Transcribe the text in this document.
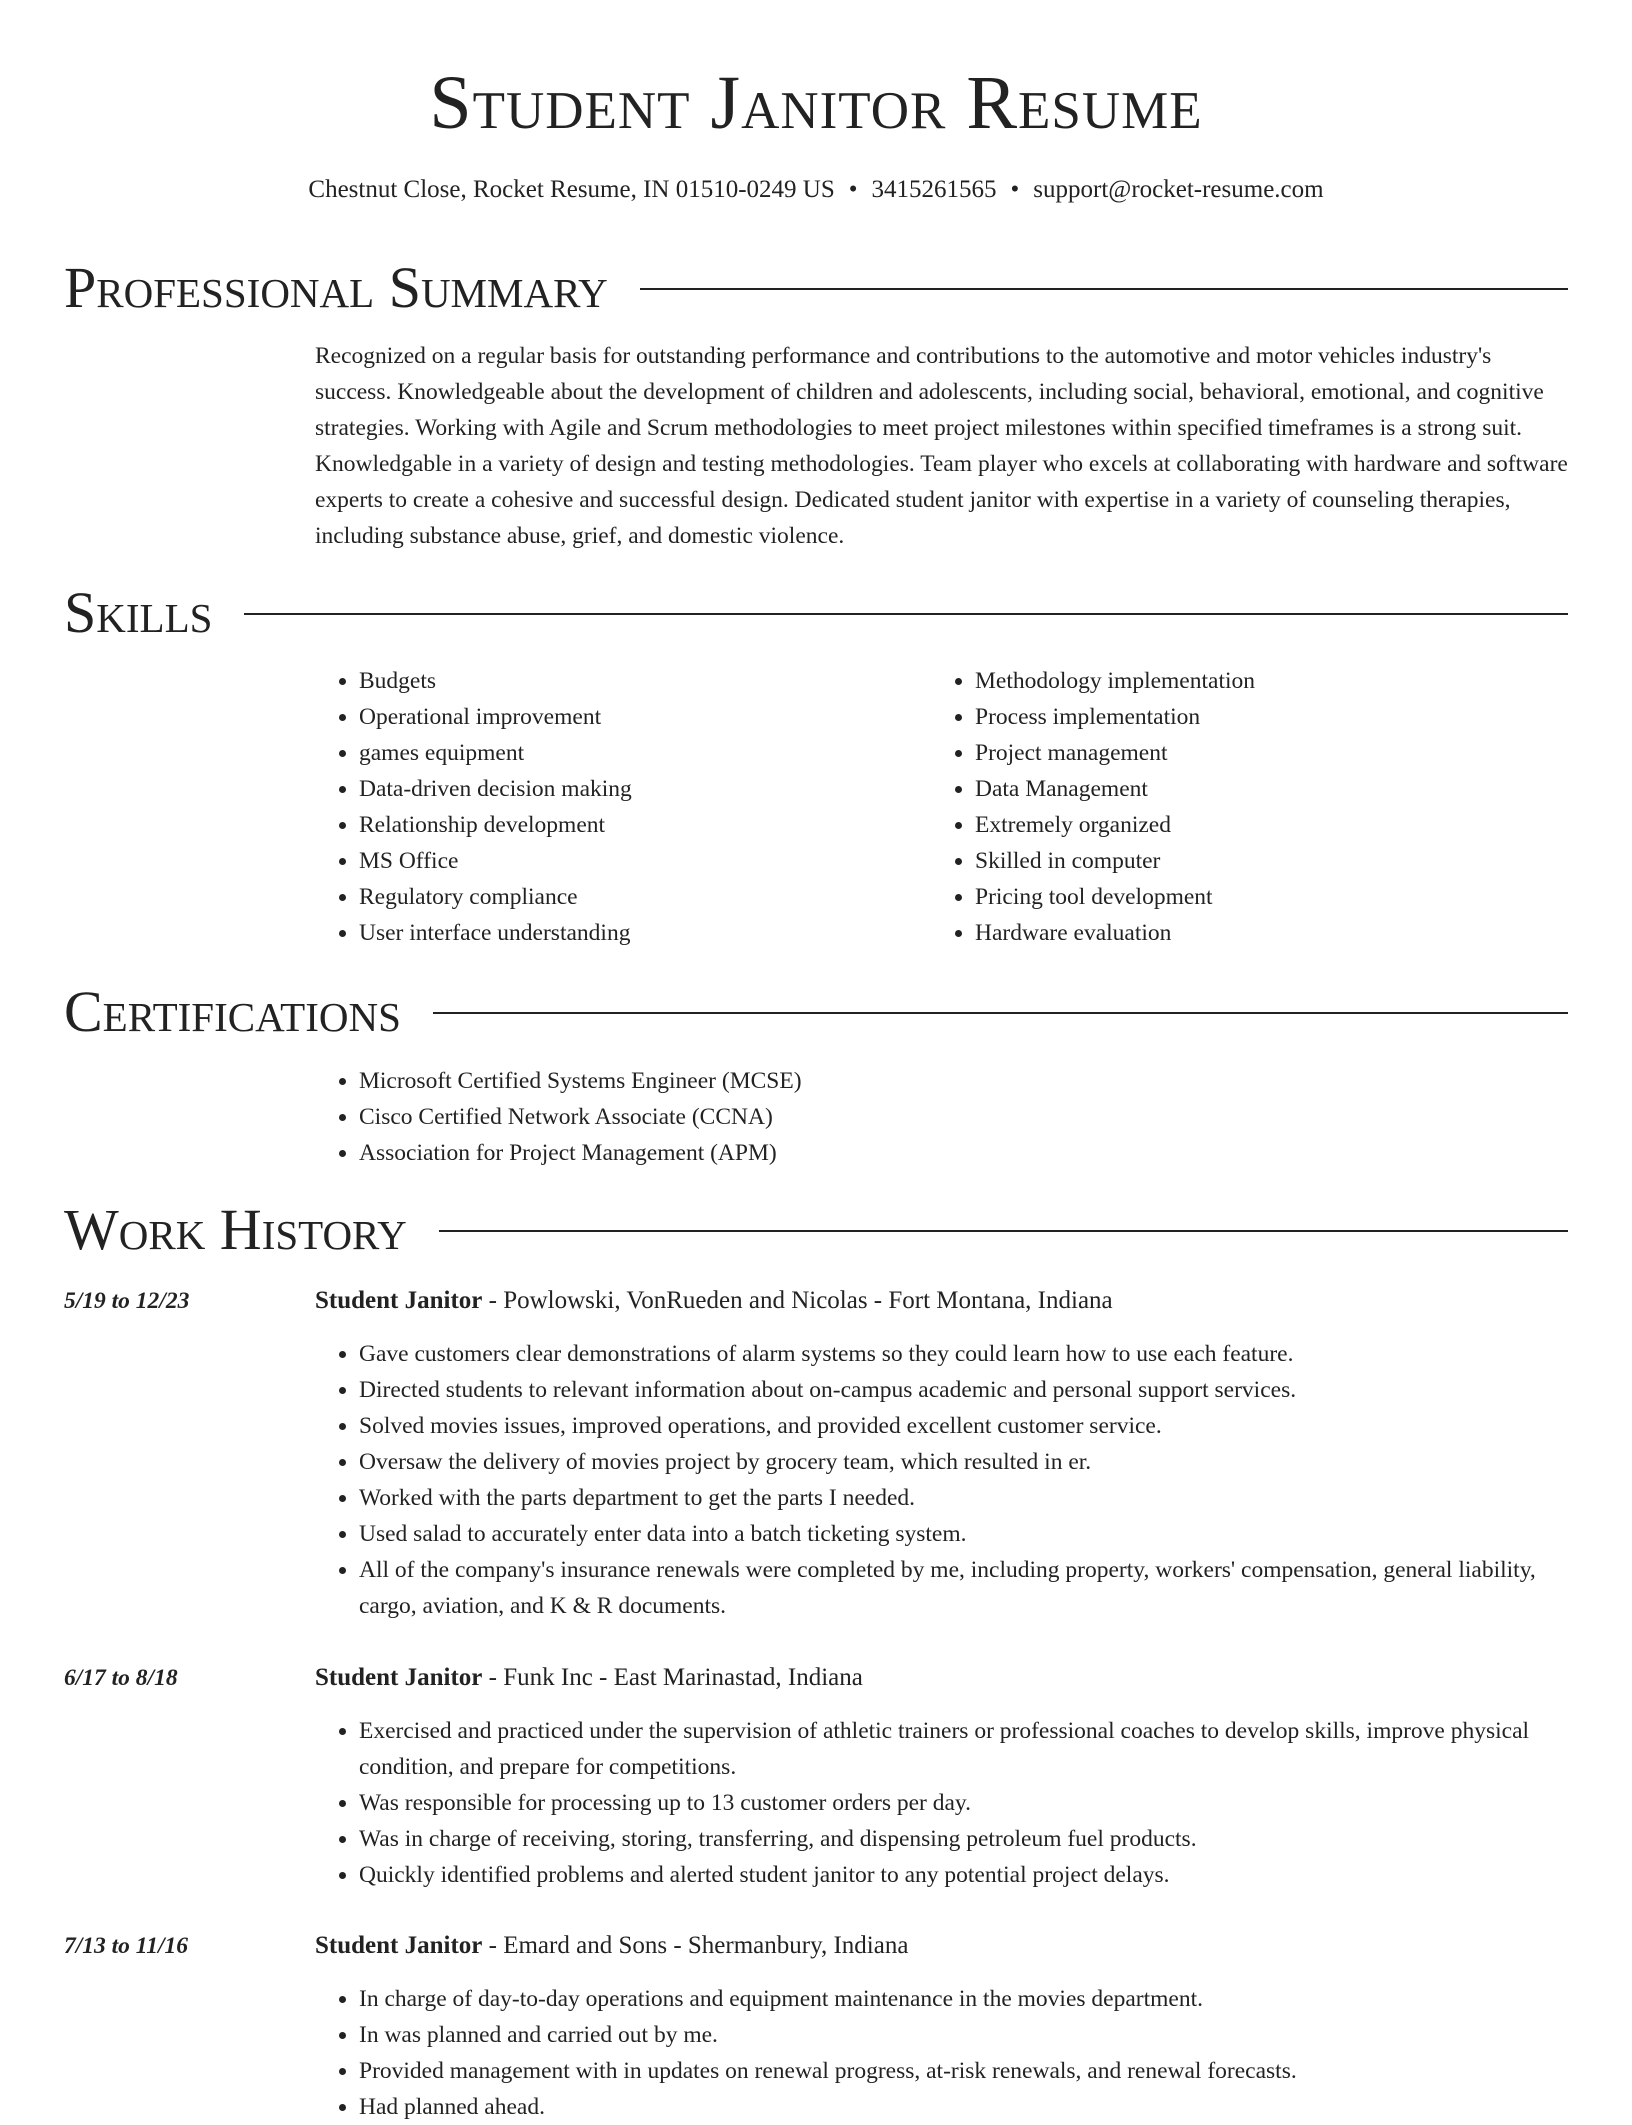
Student Janitor Resume
Chestnut Close, Rocket Resume, IN 01510-0249 US • 3415261565 • support@rocket-resume.com
Professional Summary

Recognized on a regular basis for outstanding performance and contributions to the automotive and motor vehicles industry's success. Knowledgeable about the development of children and adolescents, including social, behavioral, emotional, and cognitive strategies. Working with Agile and Scrum methodologies to meet project milestones within specified timeframes is a strong suit. Knowledgable in a variety of design and testing methodologies. Team player who excels at collaborating with hardware and software experts to create a cohesive and successful design. Dedicated student janitor with expertise in a variety of counseling therapies, including substance abuse, grief, and domestic violence.

Skills
• Budgets
• Operational improvement
• games equipment
• Data-driven decision making
• Relationship development
• MS Office
• Regulatory compliance
• User interface understanding
• Methodology implementation
• Process implementation
• Project management
• Data Management
• Extremely organized
• Skilled in computer
• Pricing tool development
• Hardware evaluation
Certifications
• Microsoft Certified Systems Engineer (MCSE)
• Cisco Certified Network Associate (CCNA)
• Association for Project Management (APM)
Work History
5/19 to 12/23	Student Janitor - Powlowski, VonRueden and Nicolas - Fort Montana, Indiana
• Gave customers clear demonstrations of alarm systems so they could learn how to use each feature.
• Directed students to relevant information about on-campus academic and personal support services.
• Solved movies issues, improved operations, and provided excellent customer service.
• Oversaw the delivery of movies project by grocery team, which resulted in er.
• Worked with the parts department to get the parts I needed.
• Used salad to accurately enter data into a batch ticketing system.
• All of the company's insurance renewals were completed by me, including property, workers' compensation, general liability, cargo, aviation, and K & R documents.
6/17 to 8/18	Student Janitor - Funk Inc - East Marinastad, Indiana
• Exercised and practiced under the supervision of athletic trainers or professional coaches to develop skills, improve physical condition, and prepare for competitions.
• Was responsible for processing up to 13 customer orders per day.
• Was in charge of receiving, storing, transferring, and dispensing petroleum fuel products.
• Quickly identified problems and alerted student janitor to any potential project delays.
7/13 to 11/16	Student Janitor - Emard and Sons - Shermanbury, Indiana
• In charge of day-to-day operations and equipment maintenance in the movies department.
• In was planned and carried out by me.
• Provided management with in updates on renewal progress, at-risk renewals, and renewal forecasts.
• Had planned ahead.
